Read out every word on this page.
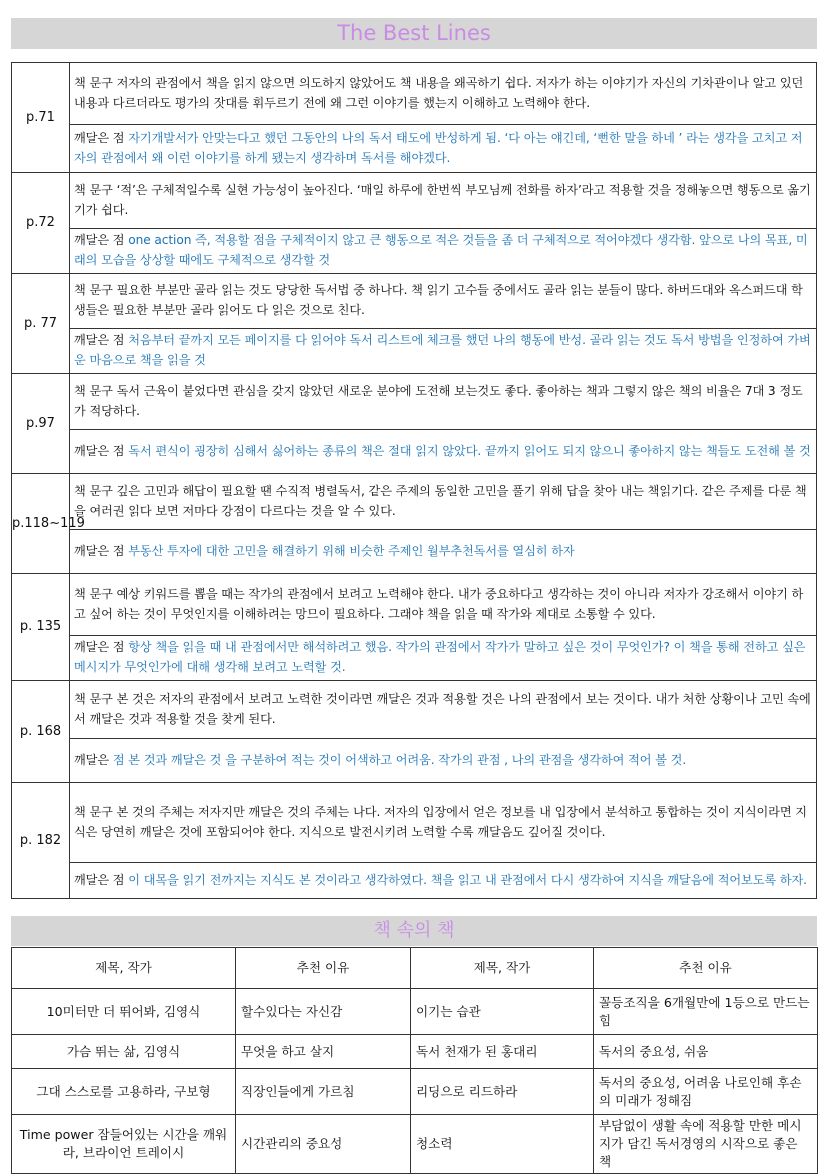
The Best Lines
p.71	책 문구 저자의 관점에서 책을 읽지 않으면 의도하지 않았어도 책 내용을 왜곡하기 쉽다. 저자가 하는 이야기가 자신의 기차관이나 알고 있던 내용과 다르더라도 평가의 잣대를 휘두르기 전에 왜 그런 이야기를 했는지 이해하고 노력해야 한다.
	깨달은 점 자기개발서가 안맞는다고 했던 그동안의 나의 독서 태도에 반성하게 됨. ‘다 아는 얘긴데, ‘뻔한 말을 하네 ’ 라는 생각을 고치고 저자의 관점에서 왜 이런 이야기를 하게 됐는지 생각하며 독서를 해야겠다.
p.72	책 문구 ‘적’은 구체적일수록 실현 가능성이 높아진다. ‘매일 하루에 한번씩 부모님께 전화를 하자’라고 적용할 것을 정해놓으면 행동으로 옮기기가 쉽다.
	깨달은 점 one action 즉, 적용할 점을 구체적이지 않고 큰 행동으로 적은 것들을 좀 더 구체적으로 적어야겠다 생각함. 앞으로 나의 목표, 미래의 모습을 상상할 때에도 구체적으로 생각할 것
p. 77	책 문구 필요한 부분만 골라 읽는 것도 당당한 독서법 중 하나다. 책 읽기 고수들 중에서도 골라 읽는 분들이 많다. 하버드대와 옥스퍼드대 학생들은 필요한 부분만 골라 읽어도 다 읽은 것으로 친다.
	깨달은 점 처음부터 끝까지 모든 페이지를 다 읽어야 독서 리스트에 체크를 했던 나의 행동에 반성. 골라 읽는 것도 독서 방법을 인정하여 가벼운 마음으로 책을 읽을 것
p.97	책 문구 독서 근육이 붙었다면 관심을 갖지 않았던 새로운 분야에 도전해 보는것도 좋다. 좋아하는 책과 그렇지 않은 책의 비율은 7대 3 정도가 적당하다.
	깨달은 점 독서 편식이 굉장히 심해서 싫어하는 종류의 책은 절대 읽지 않았다. 끝까지 읽어도 되지 않으니 좋아하지 않는 책들도 도전해 볼 것
p.118~119	책 문구 깊은 고민과 해답이 필요할 땐 수직적 병렬독서, 같은 주제의 동일한 고민을 풀기 위해 답을 찾아 내는 책읽기다. 같은 주제를 다룬 책을 여러권 읽다 보면 저마다 강점이 다르다는 것을 알 수 있다.
	깨달은 점 부동산 투자에 대한 고민을 해결하기 위해 비슷한 주제인 월부추천독서를 열심히 하자
p. 135	책 문구 예상 키워드를 뽑을 때는 작가의 관점에서 보려고 노력해야 한다. 내가 중요하다고 생각하는 것이 아니라 저자가 강조해서 이야기 하고 싶어 하는 것이 무엇인지를 이해하려는 망므이 필요하다. 그래야 책을 읽을 때 작가와 제대로 소통할 수 있다.
	깨달은 점 항상 책을 읽을 때 내 관점에서만 해석하려고 했음. 작가의 관점에서 작가가 말하고 싶은 것이 무엇인가? 이 책을 통해 전하고 싶은 메시지가 무엇인가에 대해 생각해 보려고 노력할 것.
p. 168	책 문구 본 것은 저자의 관점에서 보려고 노력한 것이라면 깨달은 것과 적용할 것은 나의 관점에서 보는 것이다. 내가 처한 상황이나 고민 속에서 깨달은 것과 적용할 것을 찾게 된다.
	깨달은 점 본 것과 깨달은 것 을 구분하여 적는 것이 어색하고 어려움. 작가의 관점 , 나의 관점을 생각하여 적어 볼 것.
p. 182	책 문구 본 것의 주체는 저자지만 깨달은 것의 주체는 나다. 저자의 입장에서 얻은 정보를 내 입장에서 분석하고 통합하는 것이 지식이라면 지식은 당연히 깨달은 것에 포함되어야 한다. 지식으로 발전시키려 노력할 수록 깨달음도 깊어질 것이다.
	깨달은 점 이 대목을 읽기 전까지는 지식도 본 것이라고 생각하였다. 책을 읽고 내 관점에서 다시 생각하여 지식을 깨달음에 적어보도록 하자.
책 속의 책
제목, 작가	추천 이유	제목, 작가	추천 이유
10미터만 더 뛰어봐, 김영식	할수있다는 자신감	이기는 습관	꼴등조직을 6개월만에 1등으로 만드는 힘
가슴 뛰는 삶, 김영식	무엇을 하고 살지	독서 천재가 된 홍대리	독서의 중요성, 쉬움
그대 스스로를 고용하라, 구보형	직장인들에게 가르침	리딩으로 리드하라	독서의 중요성, 어려움 나로인해 후손의 미래가 정해짐
Time power 잠들어있는 시간을 깨워라, 브라이언 트레이시	시간관리의 중요성	청소력	부담없이 생활 속에 적용할 만한 메시지가 담긴 독서경영의 시작으로 좋은 책
